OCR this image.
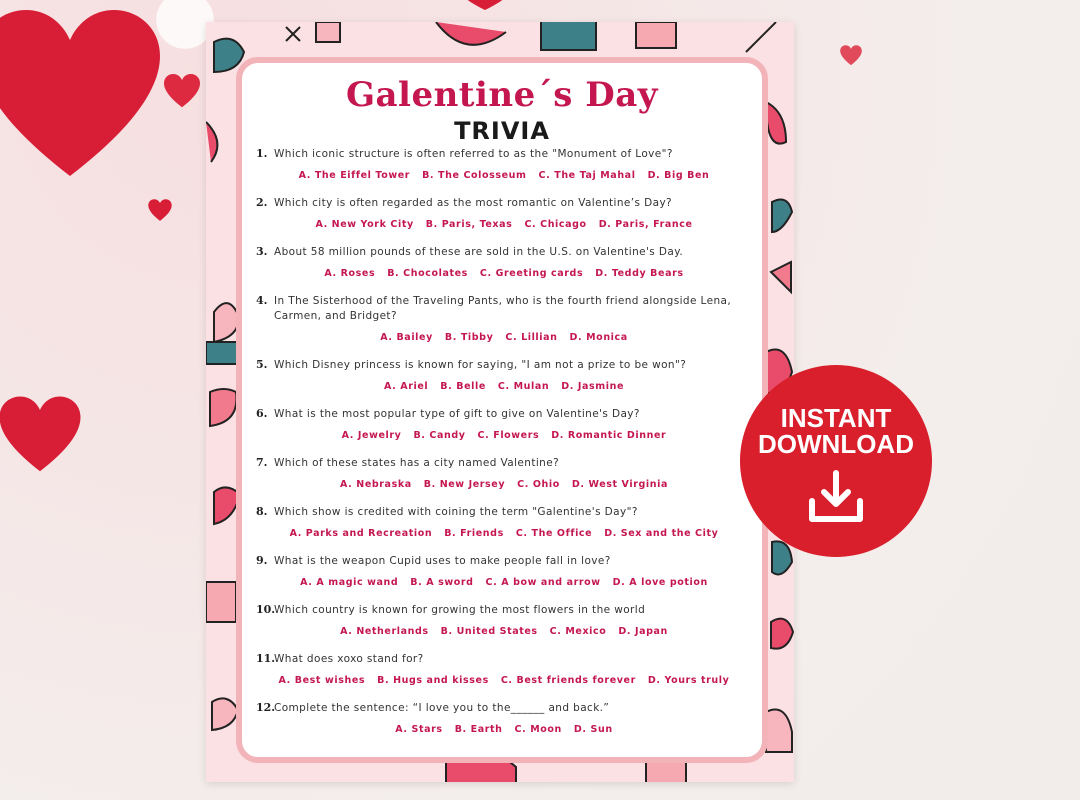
Galentine´s Day
TRIVIA
1. Which iconic structure is often referred to as the "Monument of Love"?
A. The Eiffel Tower B. The Colosseum C. The Taj Mahal D. Big Ben
2. Which city is often regarded as the most romantic on Valentine’s Day?
A. New York City B. Paris, Texas C. Chicago D. Paris, France
3. About 58 million pounds of these are sold in the U.S. on Valentine's Day.
A. Roses B. Chocolates C. Greeting cards D. Teddy Bears
4. In The Sisterhood of the Traveling Pants, who is the fourth friend alongside Lena, Carmen, and Bridget?
A. Bailey B. Tibby C. Lillian D. Monica
5. Which Disney princess is known for saying, "I am not a prize to be won"?
A. Ariel B. Belle C. Mulan D. Jasmine
6. What is the most popular type of gift to give on Valentine's Day?
A. Jewelry B. Candy C. Flowers D. Romantic Dinner
7. Which of these states has a city named Valentine?
A. Nebraska B. New Jersey C. Ohio D. West Virginia
8. Which show is credited with coining the term "Galentine's Day"?
A. Parks and Recreation B. Friends C. The Office D. Sex and the City
9. What is the weapon Cupid uses to make people fall in love?
A. A magic wand B. A sword C. A bow and arrow D. A love potion
10.
Which country is known for growing the most flowers in the world
A. Netherlands B. United States C. Mexico D. Japan
11.
What does xoxo stand for?
A. Best wishes B. Hugs and kisses C. Best friends forever D. Yours truly
12.
Complete the sentence: “I love you to the______ and back.”
A. Stars B. Earth C. Moon D. Sun
INSTANT
DOWNLOAD
